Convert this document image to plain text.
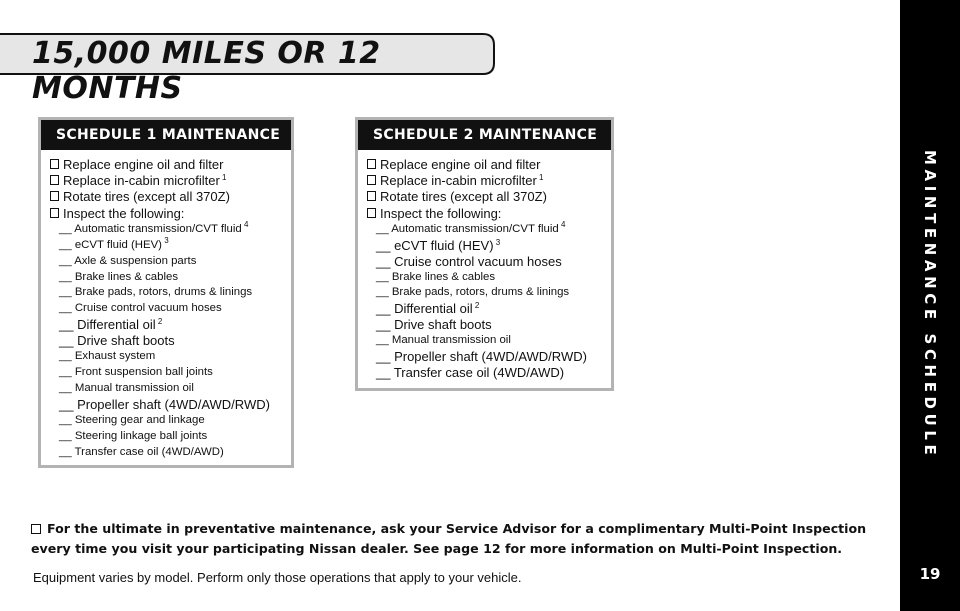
15,000 MILES OR 12 MONTHS
MAINTENANCE SCHEDULE
19
SCHEDULE 1 MAINTENANCE
Replace engine oil and filter
Replace in-cabin microfilter $^1$
Rotate tires (except all 370Z)
Inspect the following:
__ Automatic transmission/CVT fluid $^4$
__ eCVT fluid (HEV) $^3$
__ Axle & suspension parts
__ Brake lines & cables
__ Brake pads, rotors, drums & linings
__ Cruise control vacuum hoses
__ Differential oil $^2$
__ Drive shaft boots
__ Exhaust system
__ Front suspension ball joints
__ Manual transmission oil
__ Propeller shaft (4WD/AWD/RWD)
__ Steering gear and linkage
__ Steering linkage ball joints
__ Transfer case oil (4WD/AWD)
SCHEDULE 2 MAINTENANCE
Replace engine oil and filter
Replace in-cabin microfilter $^1$
Rotate tires (except all 370Z)
Inspect the following:
__ Automatic transmission/CVT fluid $^4$
__ eCVT fluid (HEV) $^3$
__ Cruise control vacuum hoses
__ Brake lines & cables
__ Brake pads, rotors, drums & linings
__ Differential oil $^2$
__ Drive shaft boots
__ Manual transmission oil
__ Propeller shaft (4WD/AWD/RWD)
__ Transfer case oil (4WD/AWD)
For the ultimate in preventative maintenance, ask your Service Advisor for a complimentary Multi-Point Inspection
every time you visit your participating Nissan dealer. See page 12 for more information on Multi-Point Inspection.
Equipment varies by model. Perform only those operations that apply to your vehicle.
